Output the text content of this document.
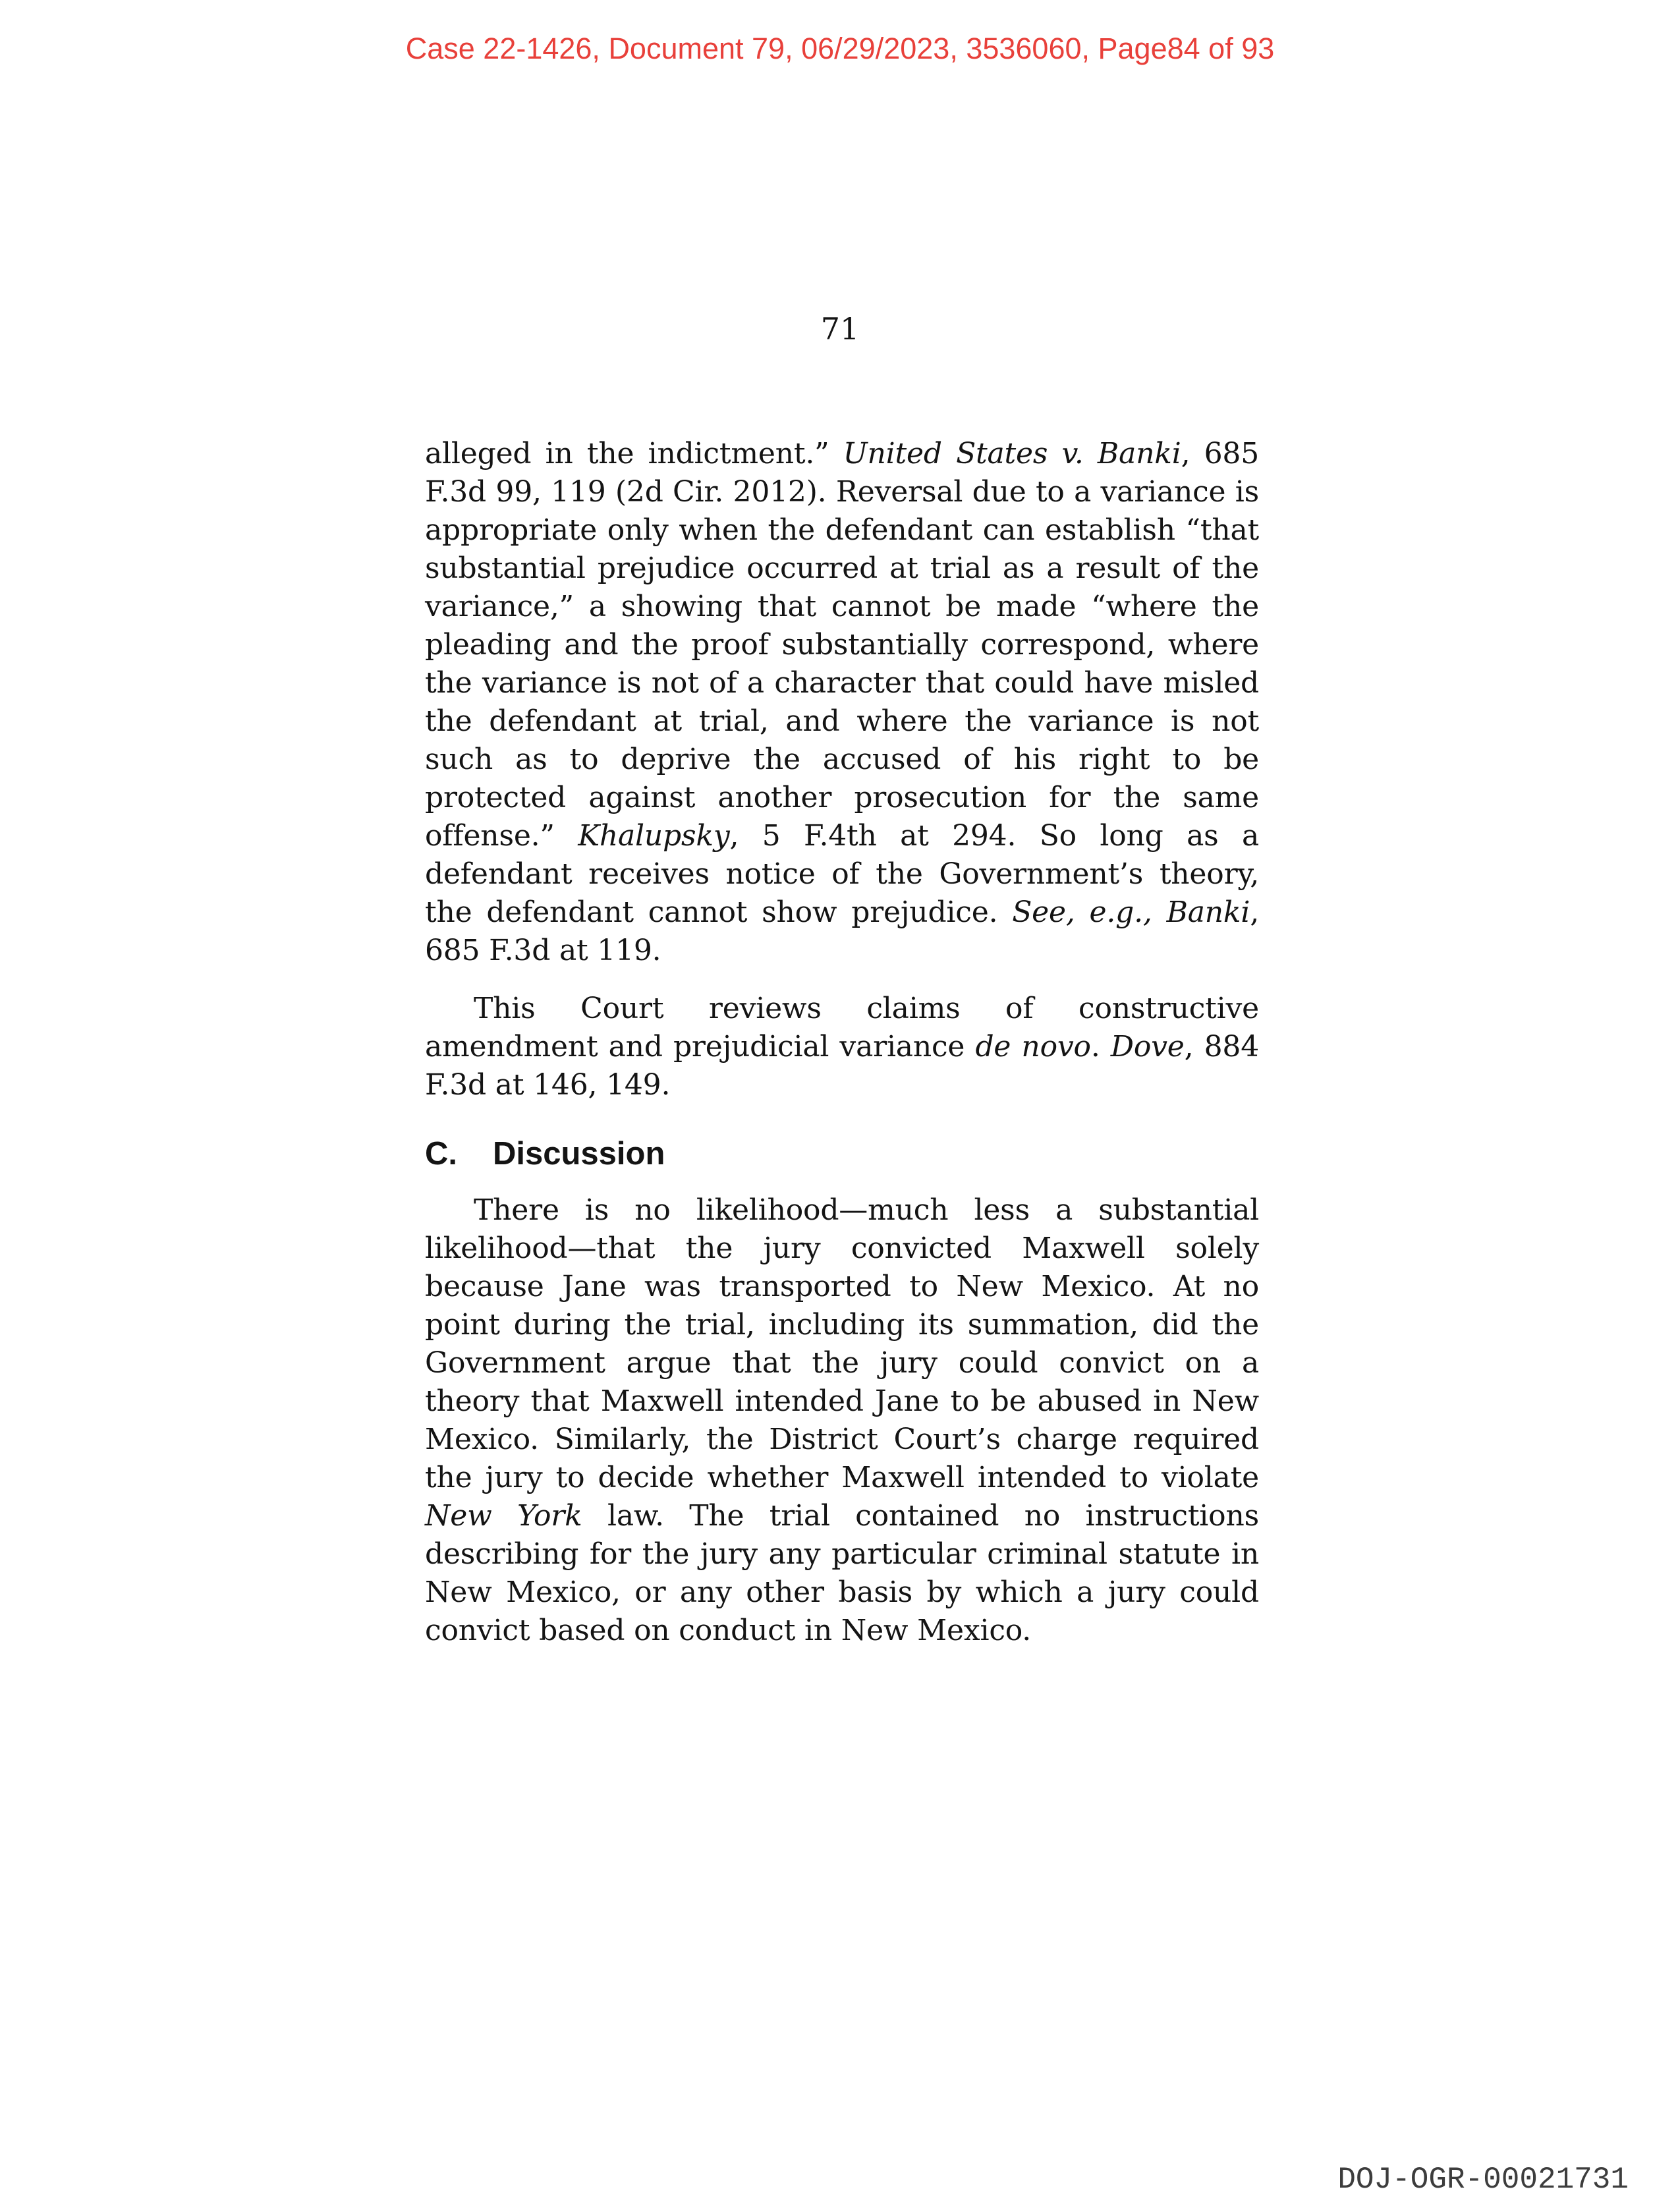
Case 22-1426, Document 79, 06/29/2023, 3536060, Page84 of 93
71

alleged in the indictment.” United States v. Banki, 685 F.3d 99, 119 (2d Cir. 2012). Reversal due to a variance is appropriate only when the defendant can establish “that substantial prejudice occurred at trial as a result of the variance,” a showing that cannot be made “where the pleading and the proof substantially correspond, where the variance is not of a character that could have misled the defendant at trial, and where the variance is not such as to deprive the accused of his right to be protected against another prosecution for the same offense.” Khalupsky, 5 F.4th at 294. So long as a defendant receives notice of the Government’s theory, the defendant cannot show prejudice. See, e.g., Banki, 685 F.3d at 119.

This Court reviews claims of constructive amendment and prejudicial variance de novo. Dove, 884 F.3d at 146, 149.

C.	Discussion

There is no likelihood—much less a substantial likelihood—that the jury convicted Maxwell solely because Jane was transported to New Mexico. At no point during the trial, including its summation, did the Government argue that the jury could convict on a theory that Maxwell intended Jane to be abused in New Mexico. Similarly, the District Court’s charge required the jury to decide whether Maxwell intended to violate New York law. The trial contained no instructions describing for the jury any particular criminal statute in New Mexico, or any other basis by which a jury could convict based on conduct in New Mexico.

DOJ-OGR-00021731
